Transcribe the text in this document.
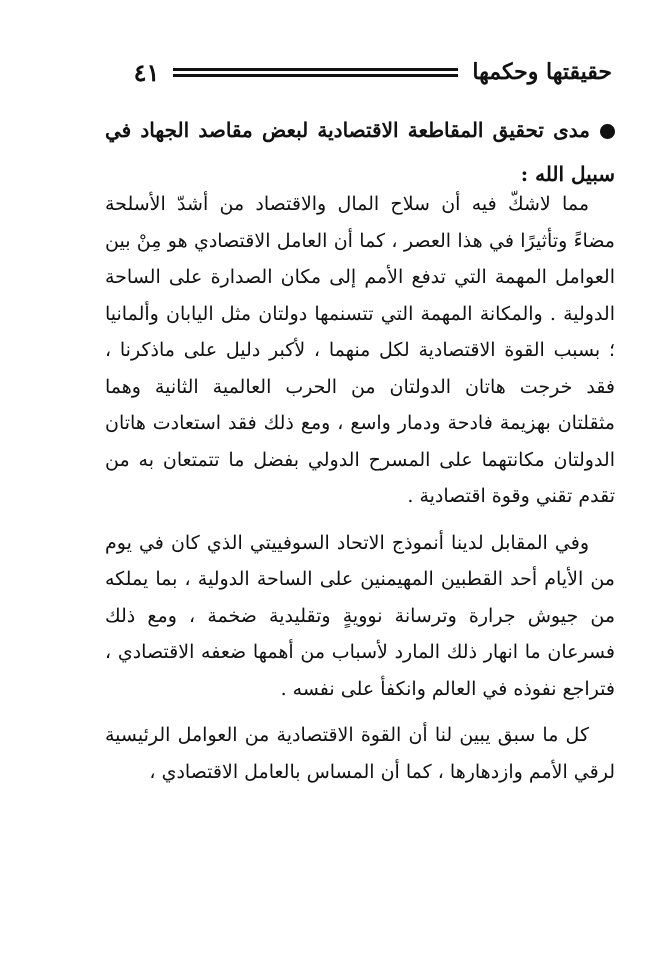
حقيقتها وحكمها
٤١
مدى تحقيق المقاطعة الاقتصادية لبعض مقاصد الجهاد في سبيل الله :

مما لاشكّ فيه أن سلاح المال والاقتصاد من أشدّ الأسلحة مضاءً وتأثيرًا في هذا العصر ، كما أن العامل الاقتصادي هو مِنْ بين العوامل المهمة التي تدفع الأمم إلى مكان الصدارة على الساحة الدولية . والمكانة المهمة التي تتسنمها دولتان مثل اليابان وألمانيا ؛ بسبب القوة الاقتصادية لكل منهما ، لأكبر دليل على ماذكرنا ، فقد خرجت هاتان الدولتان من الحرب العالمية الثانية وهما مثقلتان بهزيمة فادحة ودمار واسع ، ومع ذلك فقد استعادت هاتان الدولتان مكانتهما على المسرح الدولي بفضل ما تتمتعان به من تقدم تقني وقوة اقتصادية .

وفي المقابل لدينا أنموذج الاتحاد السوفييتي الذي كان في يوم من الأيام أحد القطبين المهيمنين على الساحة الدولية ، بما يملكه من جيوش جرارة وترسانة نوويةٍ وتقليدية ضخمة ، ومع ذلك فسرعان ما انهار ذلك المارد لأسباب من أهمها ضعفه الاقتصادي ، فتراجع نفوذه في العالم وانكفأ على نفسه .

كل ما سبق يبين لنا أن القوة الاقتصادية من العوامل الرئيسية لرقي الأمم وازدهارها ، كما أن المساس بالعامل الاقتصادي ،
